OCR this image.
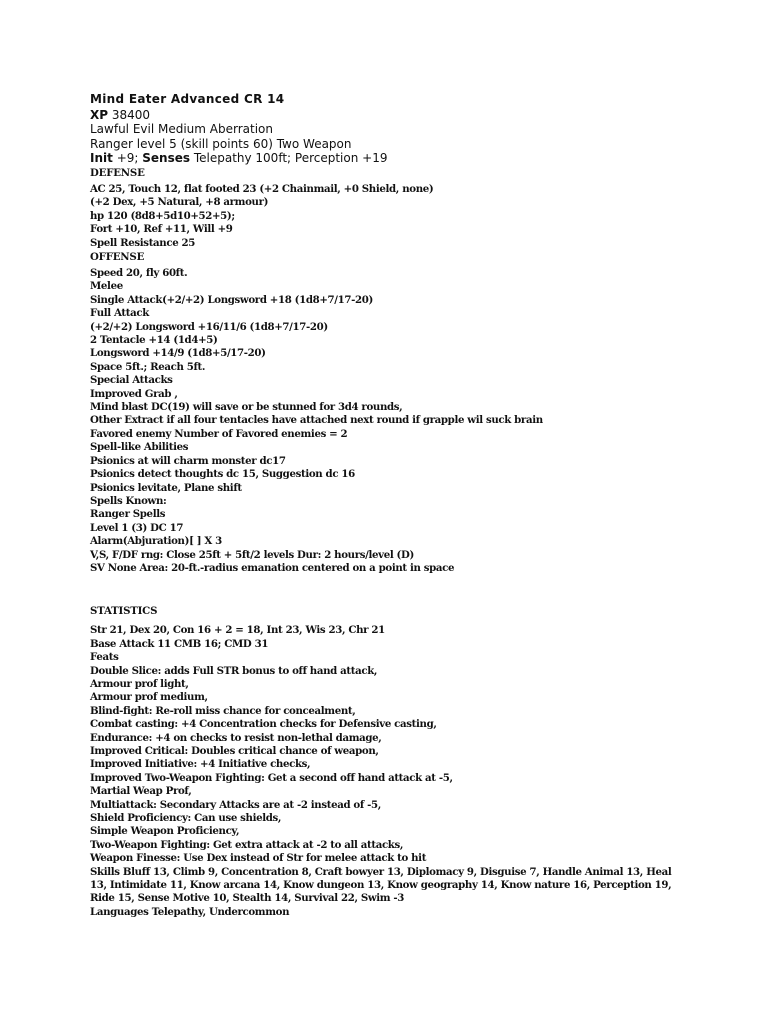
Mind Eater Advanced CR 14
XP 38400
Lawful Evil Medium Aberration
Ranger level 5 (skill points 60) Two Weapon
Init +9; Senses Telepathy 100ft; Perception +19
DEFENSE
AC 25, Touch 12, flat footed 23 (+2 Chainmail, +0 Shield, none)
(+2 Dex, +5 Natural, +8 armour)
hp 120 (8d8+5d10+52+5);
Fort +10, Ref +11, Will +9
Spell Resistance 25
OFFENSE
Speed 20, fly 60ft.
Melee
Single Attack(+2/+2) Longsword +18 (1d8+7/17-20)
Full Attack
(+2/+2) Longsword +16/11/6 (1d8+7/17-20)
2 Tentacle +14 (1d4+5)
Longsword +14/9 (1d8+5/17-20)
Space 5ft.; Reach 5ft.
Special Attacks
Improved Grab ,
Mind blast DC(19) will save or be stunned for 3d4 rounds,
Other Extract if all four tentacles have attached next round if grapple wil suck brain
Favored enemy Number of Favored enemies = 2
Spell-like Abilities
Psionics at will charm monster dc17
Psionics detect thoughts dc 15, Suggestion dc 16
Psionics levitate, Plane shift
Spells Known:
Ranger Spells
Level 1 (3) DC 17
Alarm(Abjuration)[ ] X 3
V,S, F/DF rng: Close 25ft + 5ft/2 levels Dur: 2 hours/level (D)
SV None Area: 20-ft.-radius emanation centered on a point in space
STATISTICS
Str 21, Dex 20, Con 16 + 2 = 18, Int 23, Wis 23, Chr 21
Base Attack 11 CMB 16; CMD 31
Feats
Double Slice: adds Full STR bonus to off hand attack,
Armour prof light,
Armour prof medium,
Blind-fight: Re-roll miss chance for concealment,
Combat casting: +4 Concentration checks for Defensive casting,
Endurance: +4 on checks to resist non-lethal damage,
Improved Critical: Doubles critical chance of weapon,
Improved Initiative: +4 Initiative checks,
Improved Two-Weapon Fighting: Get a second off hand attack at -5,
Martial Weap Prof,
Multiattack: Secondary Attacks are at -2 instead of -5,
Shield Proficiency: Can use shields,
Simple Weapon Proficiency,
Two-Weapon Fighting: Get extra attack at -2 to all attacks,
Weapon Finesse: Use Dex instead of Str for melee attack to hit
Skills Bluff 13, Climb 9, Concentration 8, Craft bowyer 13, Diplomacy 9, Disguise 7, Handle Animal 13, Heal 13, Intimidate 11, Know arcana 14, Know dungeon 13, Know geography 14, Know nature 16, Perception 19, Ride 15, Sense Motive 10, Stealth 14, Survival 22, Swim -3
Languages Telepathy, Undercommon
